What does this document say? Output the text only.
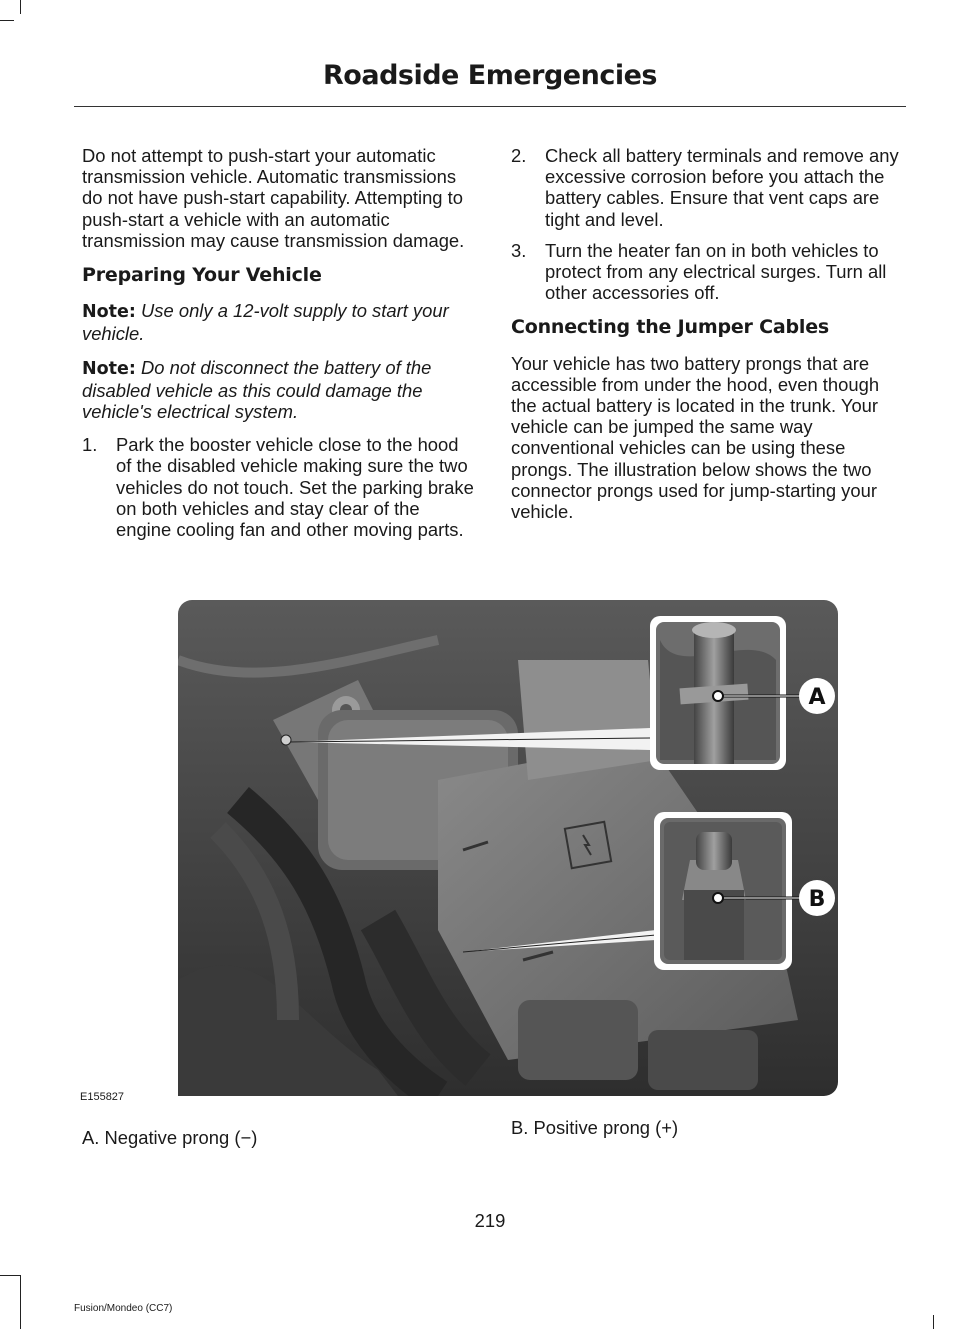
Roadside Emergencies

Do not attempt to push-start your automatic transmission vehicle. Automatic transmissions do not have push-start capability. Attempting to push-start a vehicle with an automatic transmission may cause transmission damage.

Preparing Your Vehicle

Note: Use only a 12-volt supply to start your vehicle.

Note: Do not disconnect the battery of the disabled vehicle as this could damage the vehicle's electrical system.

1.	Park the booster vehicle close to the hood of the disabled vehicle making sure the two vehicles do not touch. Set the parking brake on both vehicles and stay clear of the engine cooling fan and other moving parts.
2.	Check all battery terminals and remove any excessive corrosion before you attach the battery cables. Ensure that vent caps are tight and level.
3.	Turn the heater fan on in both vehicles to protect from any electrical surges. Turn all other accessories off.
Connecting the Jumper Cables

Your vehicle has two battery prongs that are accessible from under the hood, even though the actual battery is located in the trunk. Your vehicle can be jumped the same way conventional vehicles can be using these prongs. The illustration below shows the two connector prongs used for jump-starting your vehicle.

A
B
E155827
A. Negative prong (−)	B. Positive prong (+)
219
Fusion/Mondeo (CC7)
